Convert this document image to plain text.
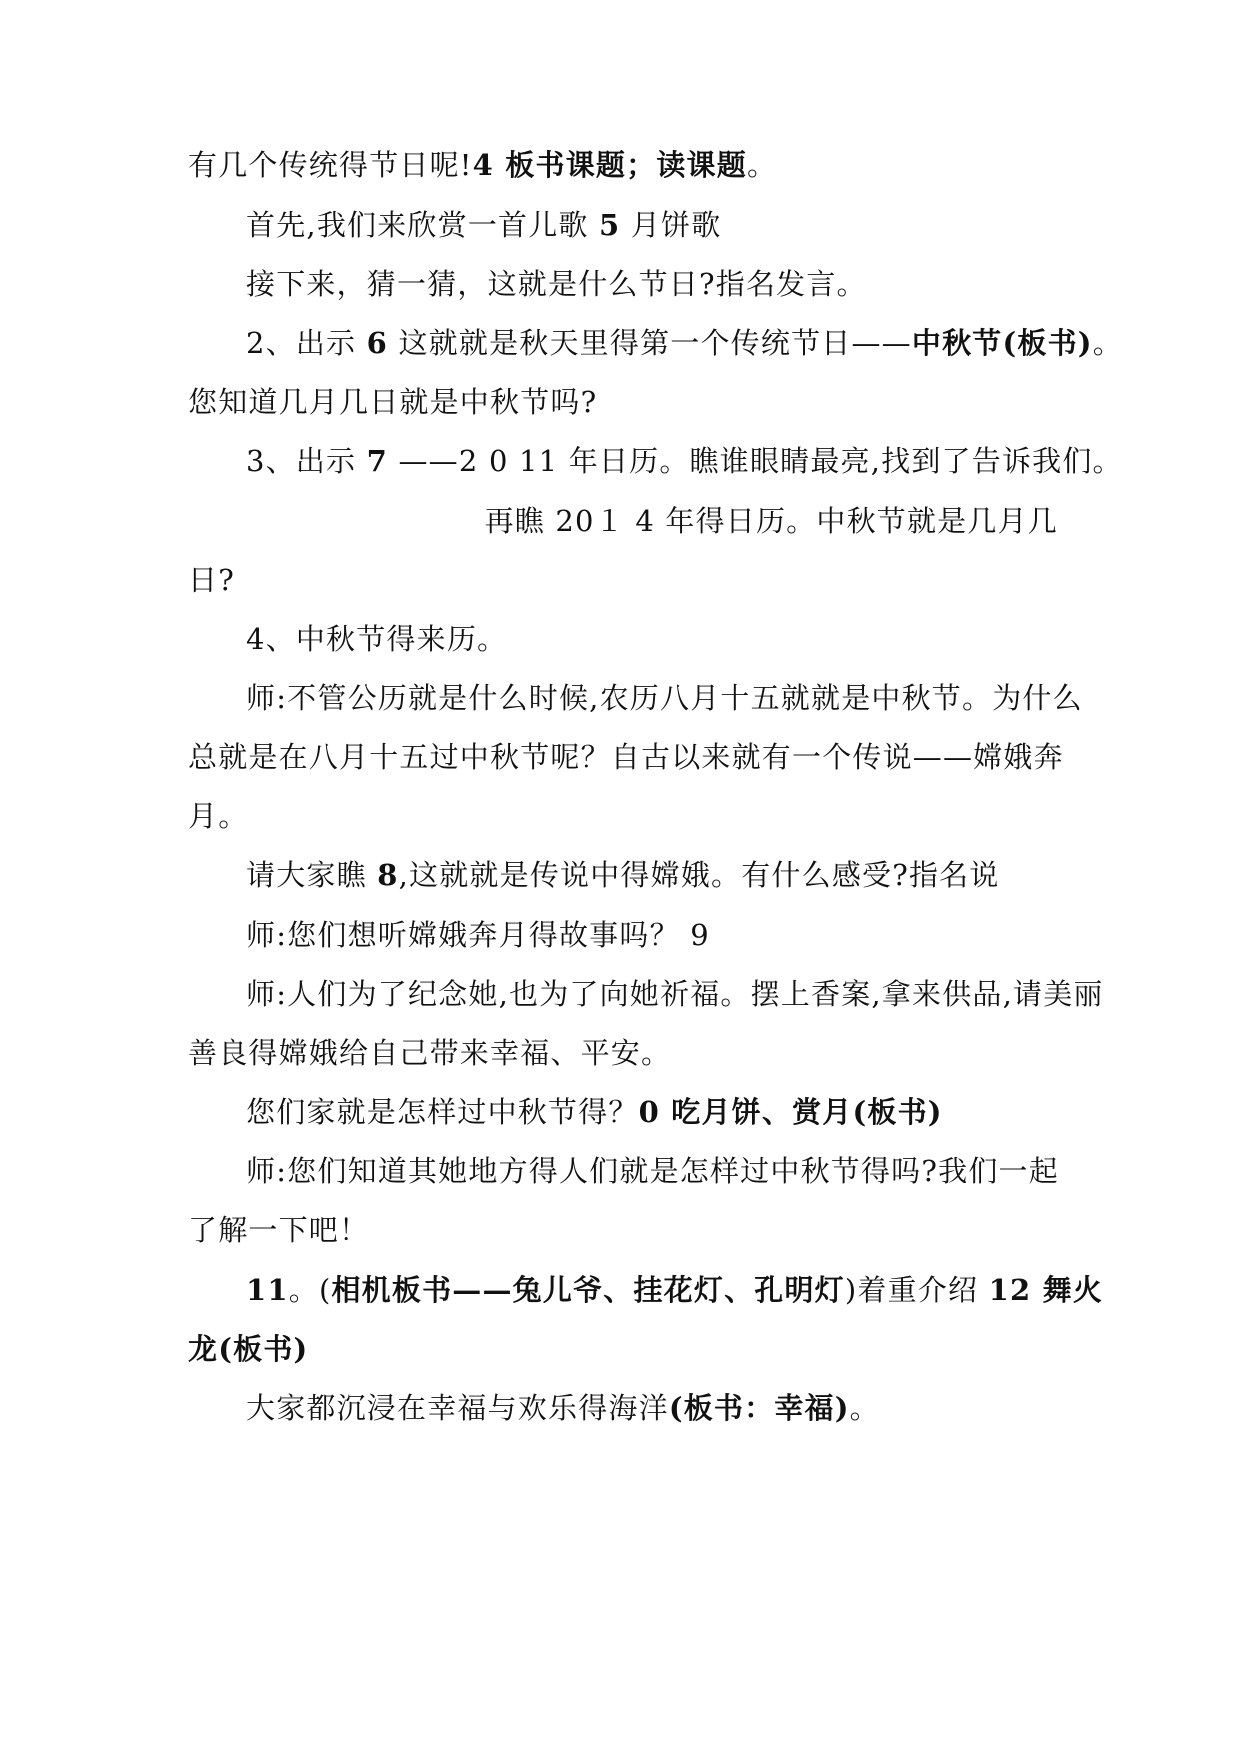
有几个传统得节日呢!4 板书课题；读课题。
首先,我们来欣赏一首儿歌 5 月饼歌
接下来，猜一猜，这就是什么节日?指名发言。
2、出示 6 这就就是秋天里得第一个传统节日——中秋节(板书)。
您知道几月几日就是中秋节吗?
3、出示 7 ——2 0 11 年日历。瞧谁眼睛最亮,找到了告诉我们。
再瞧 20１ 4 年得日历。中秋节就是几月几
日?
4、中秋节得来历。
师:不管公历就是什么时候,农历八月十五就就是中秋节。为什么
总就是在八月十五过中秋节呢？自古以来就有一个传说——嫦娥奔
月。
请大家瞧 8,这就就是传说中得嫦娥。有什么感受?指名说
师:您们想听嫦娥奔月得故事吗？ 9
师:人们为了纪念她,也为了向她祈福。摆上香案,拿来供品,请美丽
善良得嫦娥给自己带来幸福、平安。
您们家就是怎样过中秋节得？0 吃月饼、赏月(板书)
师:您们知道其她地方得人们就是怎样过中秋节得吗?我们一起
了解一下吧！
11。(相机板书——兔儿爷、挂花灯、孔明灯)着重介绍 12 舞火
龙(板书)
大家都沉浸在幸福与欢乐得海洋(板书：幸福)。
